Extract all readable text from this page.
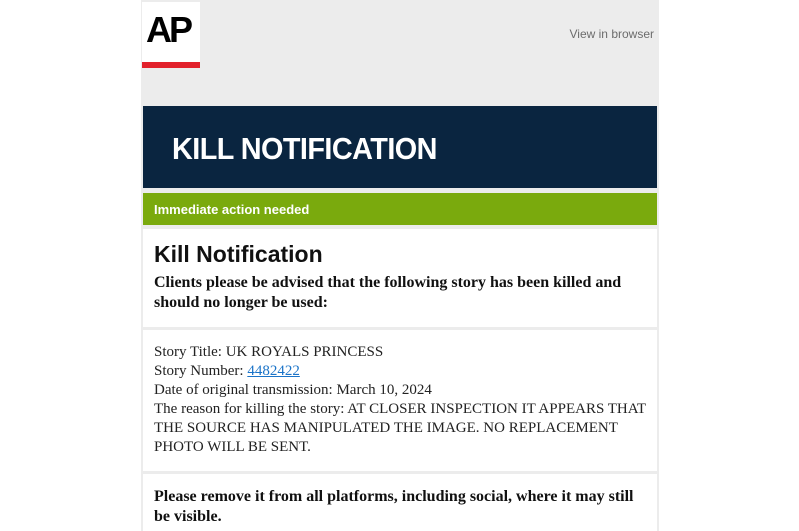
AP	View in browser
KILL NOTIFICATION
Immediate action needed
Kill Notification

Clients please be advised that the following story has been killed and should no longer be used:

Story Title: UK ROYALS PRINCESS
Story Number: 4482422
Date of original transmission: March 10, 2024
The reason for killing the story: AT CLOSER INSPECTION IT APPEARS THAT THE SOURCE HAS MANIPULATED THE IMAGE. NO REPLACEMENT PHOTO WILL BE SENT.

Please remove it from all platforms, including social, where it may still be visible.
